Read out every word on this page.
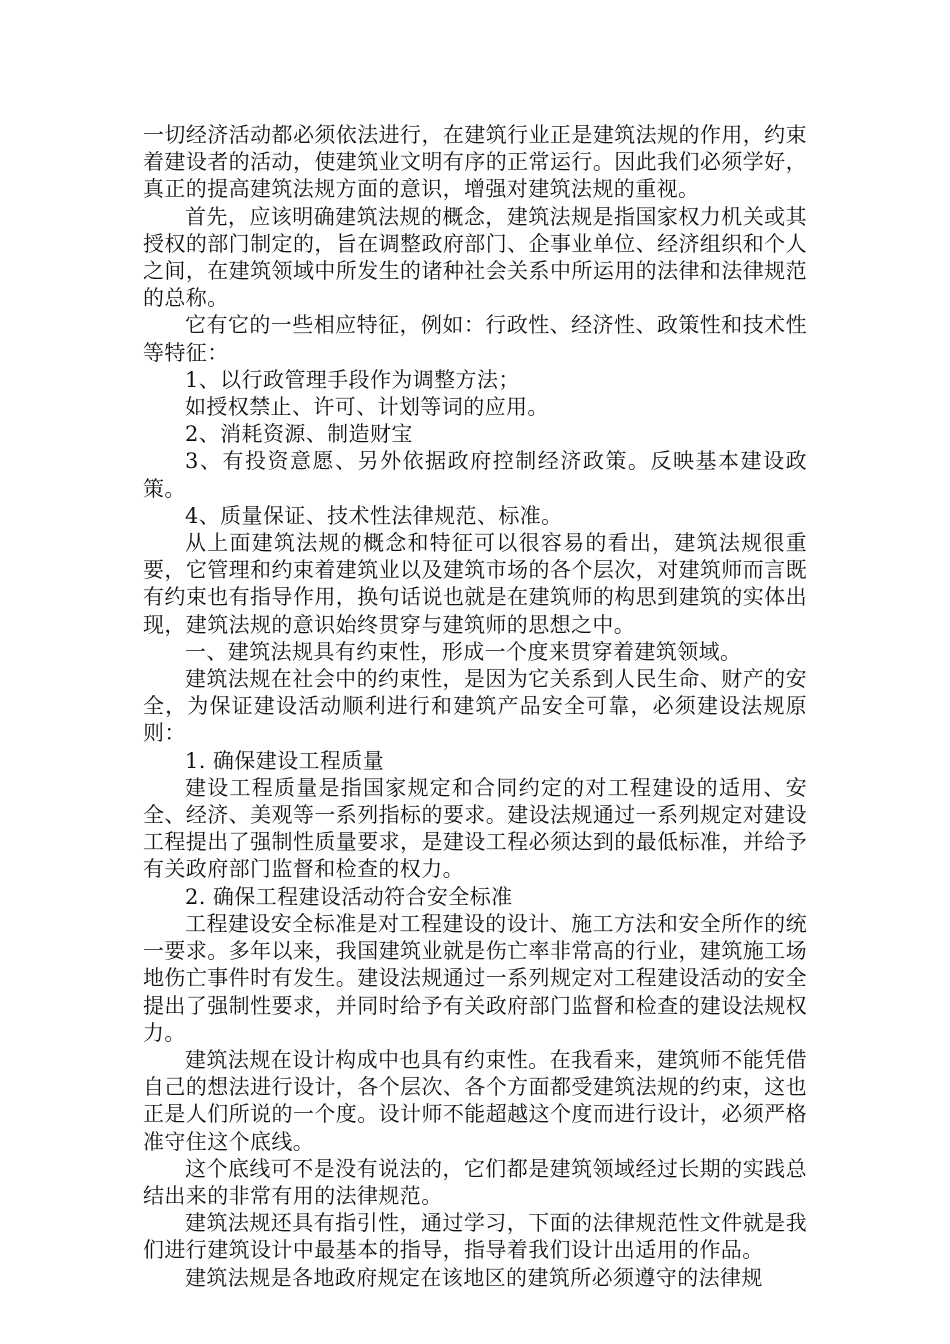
一切经济活动都必须依法进行，在建筑行业正是建筑法规的作用，约束着建设者的活动，使建筑业文明有序的正常运行。因此我们必须学好，真正的提高建筑法规方面的意识，增强对建筑法规的重视。

首先，应该明确建筑法规的概念，建筑法规是指国家权力机关或其授权的部门制定的，旨在调整政府部门、企事业单位、经济组织和个人之间，在建筑领域中所发生的诸种社会关系中所运用的法律和法律规范的总称。

它有它的一些相应特征，例如：行政性、经济性、政策性和技术性等特征：

1、以行政管理手段作为调整方法；

如授权禁止、许可、计划等词的应用。

2、消耗资源、制造财宝

3、有投资意愿、另外依据政府控制经济政策。反映基本建设政策。

4、质量保证、技术性法律规范、标准。

从上面建筑法规的概念和特征可以很容易的看出，建筑法规很重要，它管理和约束着建筑业以及建筑市场的各个层次，对建筑师而言既有约束也有指导作用，换句话说也就是在建筑师的构思到建筑的实体出现，建筑法规的意识始终贯穿与建筑师的思想之中。

一、建筑法规具有约束性，形成一个度来贯穿着建筑领域。

建筑法规在社会中的约束性，是因为它关系到人民生命、财产的安全，为保证建设活动顺利进行和建筑产品安全可靠，必须建设法规原则：

1. 确保建设工程质量

建设工程质量是指国家规定和合同约定的对工程建设的适用、安全、经济、美观等一系列指标的要求。建设法规通过一系列规定对建设工程提出了强制性质量要求，是建设工程必须达到的最低标准，并给予有关政府部门监督和检查的权力。

2. 确保工程建设活动符合安全标准

工程建设安全标准是对工程建设的设计、施工方法和安全所作的统一要求。多年以来，我国建筑业就是伤亡率非常高的行业，建筑施工场地伤亡事件时有发生。建设法规通过一系列规定对工程建设活动的安全提出了强制性要求，并同时给予有关政府部门监督和检查的建设法规权力。

建筑法规在设计构成中也具有约束性。在我看来，建筑师不能凭借自己的想法进行设计，各个层次、各个方面都受建筑法规的约束，这也正是人们所说的一个度。设计师不能超越这个度而进行设计，必须严格准守住这个底线。

这个底线可不是没有说法的，它们都是建筑领域经过长期的实践总结出来的非常有用的法律规范。

建筑法规还具有指引性，通过学习，下面的法律规范性文件就是我们进行建筑设计中最基本的指导，指导着我们设计出适用的作品。

建筑法规是各地政府规定在该地区的建筑所必须遵守的法律规
